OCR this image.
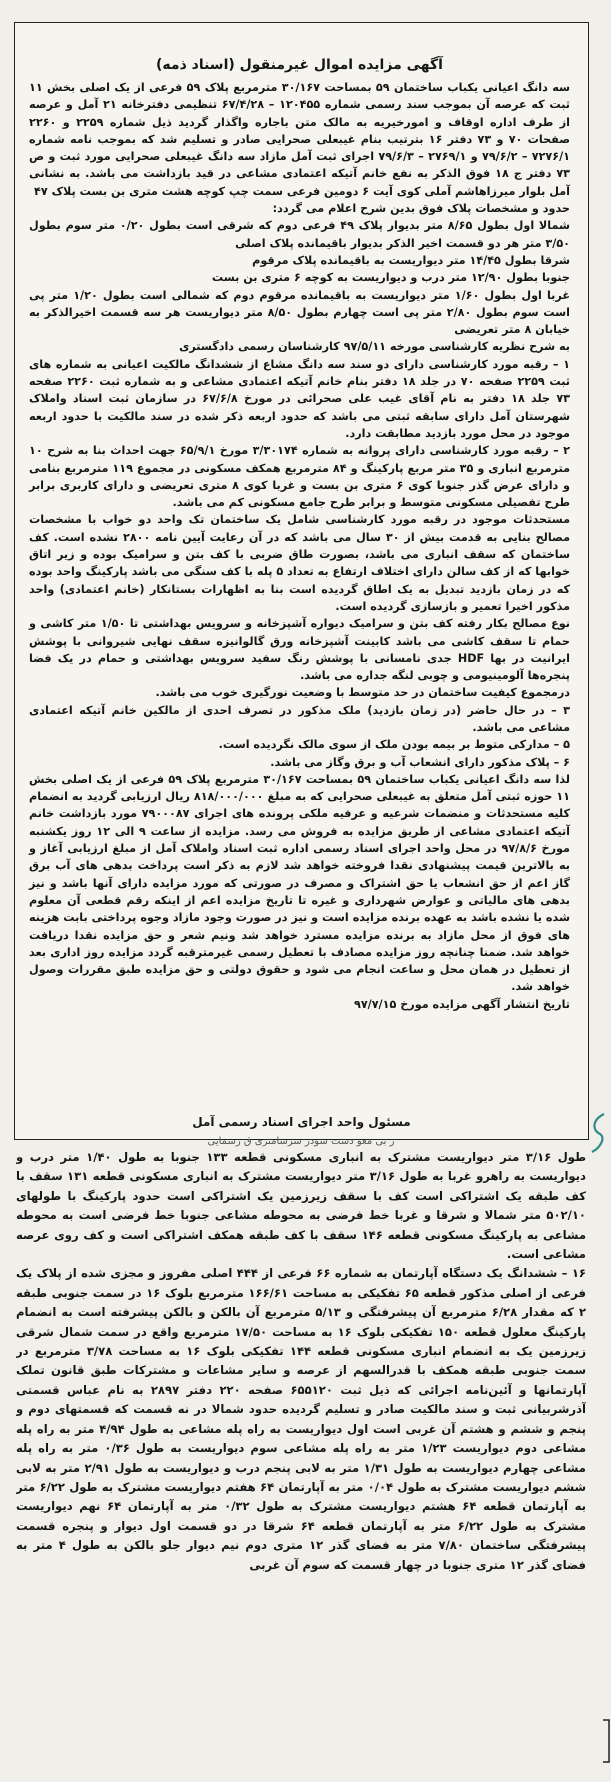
آگهی مزایده اموال غیرمنقول (اسناد ذمه)

سه دانگ اعیانی یکباب ساختمان ۵۹ بمساحت ۳۰/۱۶۷ مترمربع پلاک ۵۹ فرعی از یک اصلی بخش ۱۱ ثبت که عرصه آن بموجب سند رسمی شماره ۱۲۰۴۵۵ – ۶۷/۴/۲۸ تنظیمی دفترخانه ۲۱ آمل و عرصه از طرف اداره اوقاف و امورخیریه به مالک متن باجاره واگذار گردید ذیل شماره ۲۲۵۹ و ۲۲۶۰ صفحات ۷۰ و ۷۳ دفتر ۱۶ بترتیب بنام غیبعلی صحرایی صادر و تسلیم شد که بموجب نامه شماره ۷۲۷۶/۱ – ۷۹/۶/۲ و ۲۷۶۹/۱ – ۷۹/۶/۳ اجرای ثبت آمل مازاد سه دانگ غیبعلی صحرایی مورد ثبت و ص ۷۳ دفتر ج ۱۸ فوق الذکر به نفع خانم آتیکه اعتمادی مشاعی در قید بازداشت می باشد. به نشانی آمل بلوار میرزاهاشم آملی کوی آیت ۶ دومین فرعی سمت چپ کوچه هشت متری بن بست پلاک ۴۷

حدود و مشخصات پلاک فوق بدین شرح اعلام می گردد:

شمالا اول بطول ۸/۶۵ متر بدیوار پلاک ۴۹ فرعی دوم که شرقی است بطول ۰/۲۰ متر سوم بطول ۳/۵۰ متر هر دو قسمت اخیر الذکر بدیوار باقیمانده پلاک اصلی

شرقا بطول ۱۴/۴۵ متر دیواریست به باقیمانده پلاک مرقوم

جنوبا بطول ۱۲/۹۰ متر درب و دیواریست به کوچه ۶ متری بن بست

غربا اول بطول ۱/۶۰ متر دیواریست به باقیمانده مرقوم دوم که شمالی است بطول ۱/۲۰ متر پی است سوم بطول ۲/۸۰ متر پی است چهارم بطول ۸/۵۰ متر دیواریست هر سه قسمت اخیرالذکر به خیابان ۸ متر تعریضی

به شرح نظریه کارشناسی مورخه ۹۷/۵/۱۱ کارشناسان رسمی دادگستری

۱ – رقبه مورد کارشناسی دارای دو سند سه دانگ مشاع از ششدانگ مالکیت اعیانی به شماره های ثبت ۲۲۵۹ صفحه ۷۰ در جلد ۱۸ دفتر بنام خانم آتیکه اعتمادی مشاعی و به شماره ثبت ۲۲۶۰ صفحه ۷۳ جلد ۱۸ دفتر به نام آقای غیب علی صحرائی در مورخ ۶۷/۶/۸ در سازمان ثبت اسناد واملاک شهرستان آمل دارای سابقه ثبتی می باشد که حدود اربعه ذکر شده در سند مالکیت با حدود اربعه موجود در محل مورد بازدید مطابقت دارد.

۲ – رقبه مورد کارشناسی دارای پروانه به شماره ۳/۳۰۱۷۴ مورخ ۶۵/۹/۱ جهت احداث بنا به شرح ۱۰ مترمربع انباری و ۳۵ متر مربع پارکینگ و ۸۴ مترمربع همکف مسکونی در مجموع ۱۱۹ مترمربع بنامی و دارای عرض گذر جنوبا کوی ۶ متری بن بست و غربا کوی ۸ متری تعریضی و دارای کاربری برابر طرح تفصیلی مسکونی متوسط و برابر طرح جامع مسکونی کم می باشد.

مستحدثات موجود در رقبه مورد کارشناسی شامل یک ساختمان تک واحد دو خواب با مشخصات مصالح بنایی به قدمت بیش از ۳۰ سال می باشد که در آن رعایت آیین نامه ۲۸۰۰ نشده است. کف ساختمان که سقف انباری می باشد، بصورت طاق ضربی با کف بتن و سرامیک بوده و زیر اتاق خوابها که از کف سالن دارای اختلاف ارتفاع به تعداد ۵ پله با کف سنگی می باشد پارکینگ واحد بوده که در زمان بازدید تبدیل به یک اطاق گردیده است بنا به اظهارات بستانکار (خانم اعتمادی) واحد مذکور اخیرا تعمیر و بازسازی گردیده است.

نوع مصالح بکار رفته کف بتن و سرامیک دیواره آشپزخانه و سرویس بهداشتی تا ۱/۵۰ متر کاشی و حمام تا سقف کاشی می باشد کابینت آشپزخانه ورق گالوانیزه سقف نهایی شیروانی با پوشش ایرانیت در بها HDF جدی نامسانی با پوشش رنگ سفید سرویس بهداشتی و حمام در یک فضا پنجره‌ها آلومینیومی و چوبی لنگه جداره می باشد.

درمجموع کیفیت ساختمان در حد متوسط با وضعیت نورگیری خوب می باشد.

۳ – در حال حاضر (در زمان بازدید) ملک مذکور در تصرف احدی از مالکین خانم آتیکه اعتمادی مشاعی می باشد.

۵ – مدارکی متوط بر بیمه بودن ملک از سوی مالک نگردیده است.

۶ – پلاک مذکور دارای انشعاب آب و برق وگاز می باشد.

لذا سه دانگ اعیانی یکباب ساختمان ۵۹ بمساحت ۳۰/۱۶۷ مترمربع پلاک ۵۹ فرعی از یک اصلی بخش ۱۱ حوزه ثبتی آمل متعلق به غیبعلی صحرایی که به مبلغ ۸۱۸/۰۰۰/۰۰۰ ریال ارزیابی گردید به انضمام کلیه مستحدثات و منضمات شرعیه و عرفیه ملکی پرونده های اجرای ۷۹۰۰۰۸۷ مورد بازداشت خانم آتیکه اعتمادی مشاعی از طریق مزایده به فروش می رسد. مزایده از ساعت ۹ الی ۱۲ روز یکشنبه مورخ ۹۷/۸/۶ در محل واحد اجرای اسناد رسمی اداره ثبت اسناد واملاک آمل از مبلغ ارزیابی آغاز و به بالاترین قیمت پیشنهادی نقدا فروخته خواهد شد لازم به ذکر است پرداخت بدهی های آب برق گاز اعم از حق انشعاب یا حق اشتراک و مصرف در صورتی که مورد مزایده دارای آنها باشد و نیز بدهی های مالیاتی و عوارض شهرداری و غیره تا تاریخ مزایده اعم از اینکه رقم قطعی آن معلوم شده یا نشده باشد به عهده برنده مزایده است و نیز در صورت وجود مازاد وجوه پرداختی بابت هزینه های فوق از محل مازاد به برنده مزایده مسترد خواهد شد ونیم شعر و حق مزایده نقدا دریافت خواهد شد. ضمنا چنانچه روز مزایده مصادف با تعطیل رسمی غیرمترقبه گردد مزایده روز اداری بعد از تعطیل در همان محل و ساعت انجام می شود و حقوق دولتی و حق مزایده طبق مقررات وصول خواهد شد.

تاریخ انتشار آگهی مزایده مورخ ۹۷/۷/۱۵

مسئول واحد اجرای اسناد رسمی آمل
ر بی معو دست سودر سرسامتزی ق رسمایی

طول ۳/۱۶ متر دیواریست مشترک به انباری مسکونی قطعه ۱۳۳ جنوبا به طول ۱/۴۰ متر درب و دیواریست به راهرو غربا به طول ۳/۱۶ متر دیواریست مشترک به انباری مسکونی قطعه ۱۳۱ سقف با کف طبقه یک اشتراکی است کف با سقف زیرزمین یک اشتراکی است حدود پارکینگ با طولهای ۵۰۲/۱۰ متر شمالا و شرقا و غربا خط فرضی به محوطه مشاعی جنوبا خط فرضی است به محوطه مشاعی به پارکینگ مسکونی قطعه ۱۴۶ سقف با کف طبقه همکف اشتراکی است و کف روی عرصه مشاعی است.

۱۶ – ششدانگ یک دستگاه آپارتمان به شماره ۶۶ فرعی از ۴۴۴ اصلی مفروز و مجزی شده از پلاک یک فرعی از اصلی مذکور قطعه ۶۵ تفکیکی به مساحت ۱۶۶/۶۱ مترمربع بلوک ۱۶ در سمت جنوبی طبقه ۲ که مقدار ۶/۲۸ مترمربع آن پیشرفتگی و ۵/۱۳ مترمربع آن بالکن و بالکن پیشرفته است به انضمام پارکینگ معلول قطعه ۱۵۰ تفکیکی بلوک ۱۶ به مساحت ۱۷/۵۰ مترمربع واقع در سمت شمال شرقی زیرزمین یک به انضمام انباری مسکونی قطعه ۱۴۴ تفکیکی بلوک ۱۶ به مساحت ۳/۷۸ مترمربع در سمت جنوبی طبقه همکف با قدرالسهم از عرصه و سایر مشاعات و مشترکات طبق قانون تملک آپارتمانها و آئین‌نامه اجرائی که ذیل ثبت ۶۵۵۱۲۰ صفحه ۲۲۰ دفتر ۲۸۹۷ به نام عباس قسمتی آذرشربیانی ثبت و سند مالکیت صادر و تسلیم گردیده حدود شمالا در نه قسمت که قسمتهای دوم و پنجم و ششم و هشتم آن غربی است اول دیواریست به راه پله مشاعی به طول ۴/۹۴ متر به راه پله مشاعی دوم دیواریست ۱/۲۳ متر به راه پله مشاعی سوم دیواریست به طول ۰/۳۶ متر به راه پله مشاعی چهارم دیواریست به طول ۱/۳۱ متر به لابی پنجم درب و دیواریست به طول ۲/۹۱ متر به لابی ششم دیواریست مشترک به طول ۰/۰۴ متر به آپارتمان ۶۴ هفتم دیواریست مشترک به طول ۶/۲۲ متر به آپارتمان قطعه ۶۴ هشتم دیواریست مشترک به طول ۰/۳۲ متر به آپارتمان ۶۴ نهم دیواریست مشترک به طول ۶/۲۲ متر به آپارتمان قطعه ۶۴ شرقا در دو قسمت اول دیوار و پنجره قسمت پیشرفتگی ساختمان ۷/۸۰ متر به فضای گذر ۱۲ متری دوم نیم دیوار جلو بالکن به طول ۴ متر به فضای گذر ۱۲ متری جنوبا در چهار قسمت که سوم آن غربی
